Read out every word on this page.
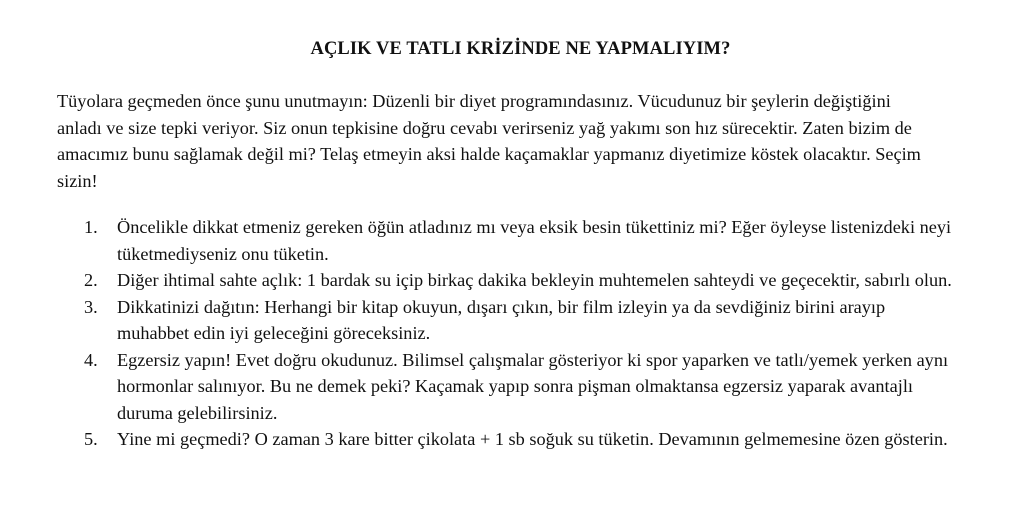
AÇLIK VE TATLI KRİZİNDE NE YAPMALIYIM?

Tüyolara geçmeden önce şunu unutmayın: Düzenli bir diyet programındasınız. Vücudunuz bir şeylerin değiştiğini anladı ve size tepki veriyor. Siz onun tepkisine doğru cevabı verirseniz yağ yakımı son hız sürecektir. Zaten bizim de amacımız bunu sağlamak değil mi? Telaş etmeyin aksi halde kaçamaklar yapmanız diyetimize köstek olacaktır. Seçim sizin!

1.	Öncelikle dikkat etmeniz gereken öğün atladınız mı veya eksik besin tükettiniz mi? Eğer öyleyse listenizdeki neyi tüketmediyseniz onu tüketin.
2.	Diğer ihtimal sahte açlık: 1 bardak su içip birkaç dakika bekleyin muhtemelen sahteydi ve geçecektir, sabırlı olun.
3.	Dikkatinizi dağıtın: Herhangi bir kitap okuyun, dışarı çıkın, bir film izleyin ya da sevdiğiniz birini arayıp muhabbet edin iyi geleceğini göreceksiniz.
4.	Egzersiz yapın! Evet doğru okudunuz. Bilimsel çalışmalar gösteriyor ki spor yaparken ve tatlı/yemek yerken aynı hormonlar salınıyor. Bu ne demek peki? Kaçamak yapıp sonra pişman olmaktansa egzersiz yaparak avantajlı duruma gelebilirsiniz.
5.	Yine mi geçmedi? O zaman 3 kare bitter çikolata + 1 sb soğuk su tüketin. Devamının gelmemesine özen gösterin.
